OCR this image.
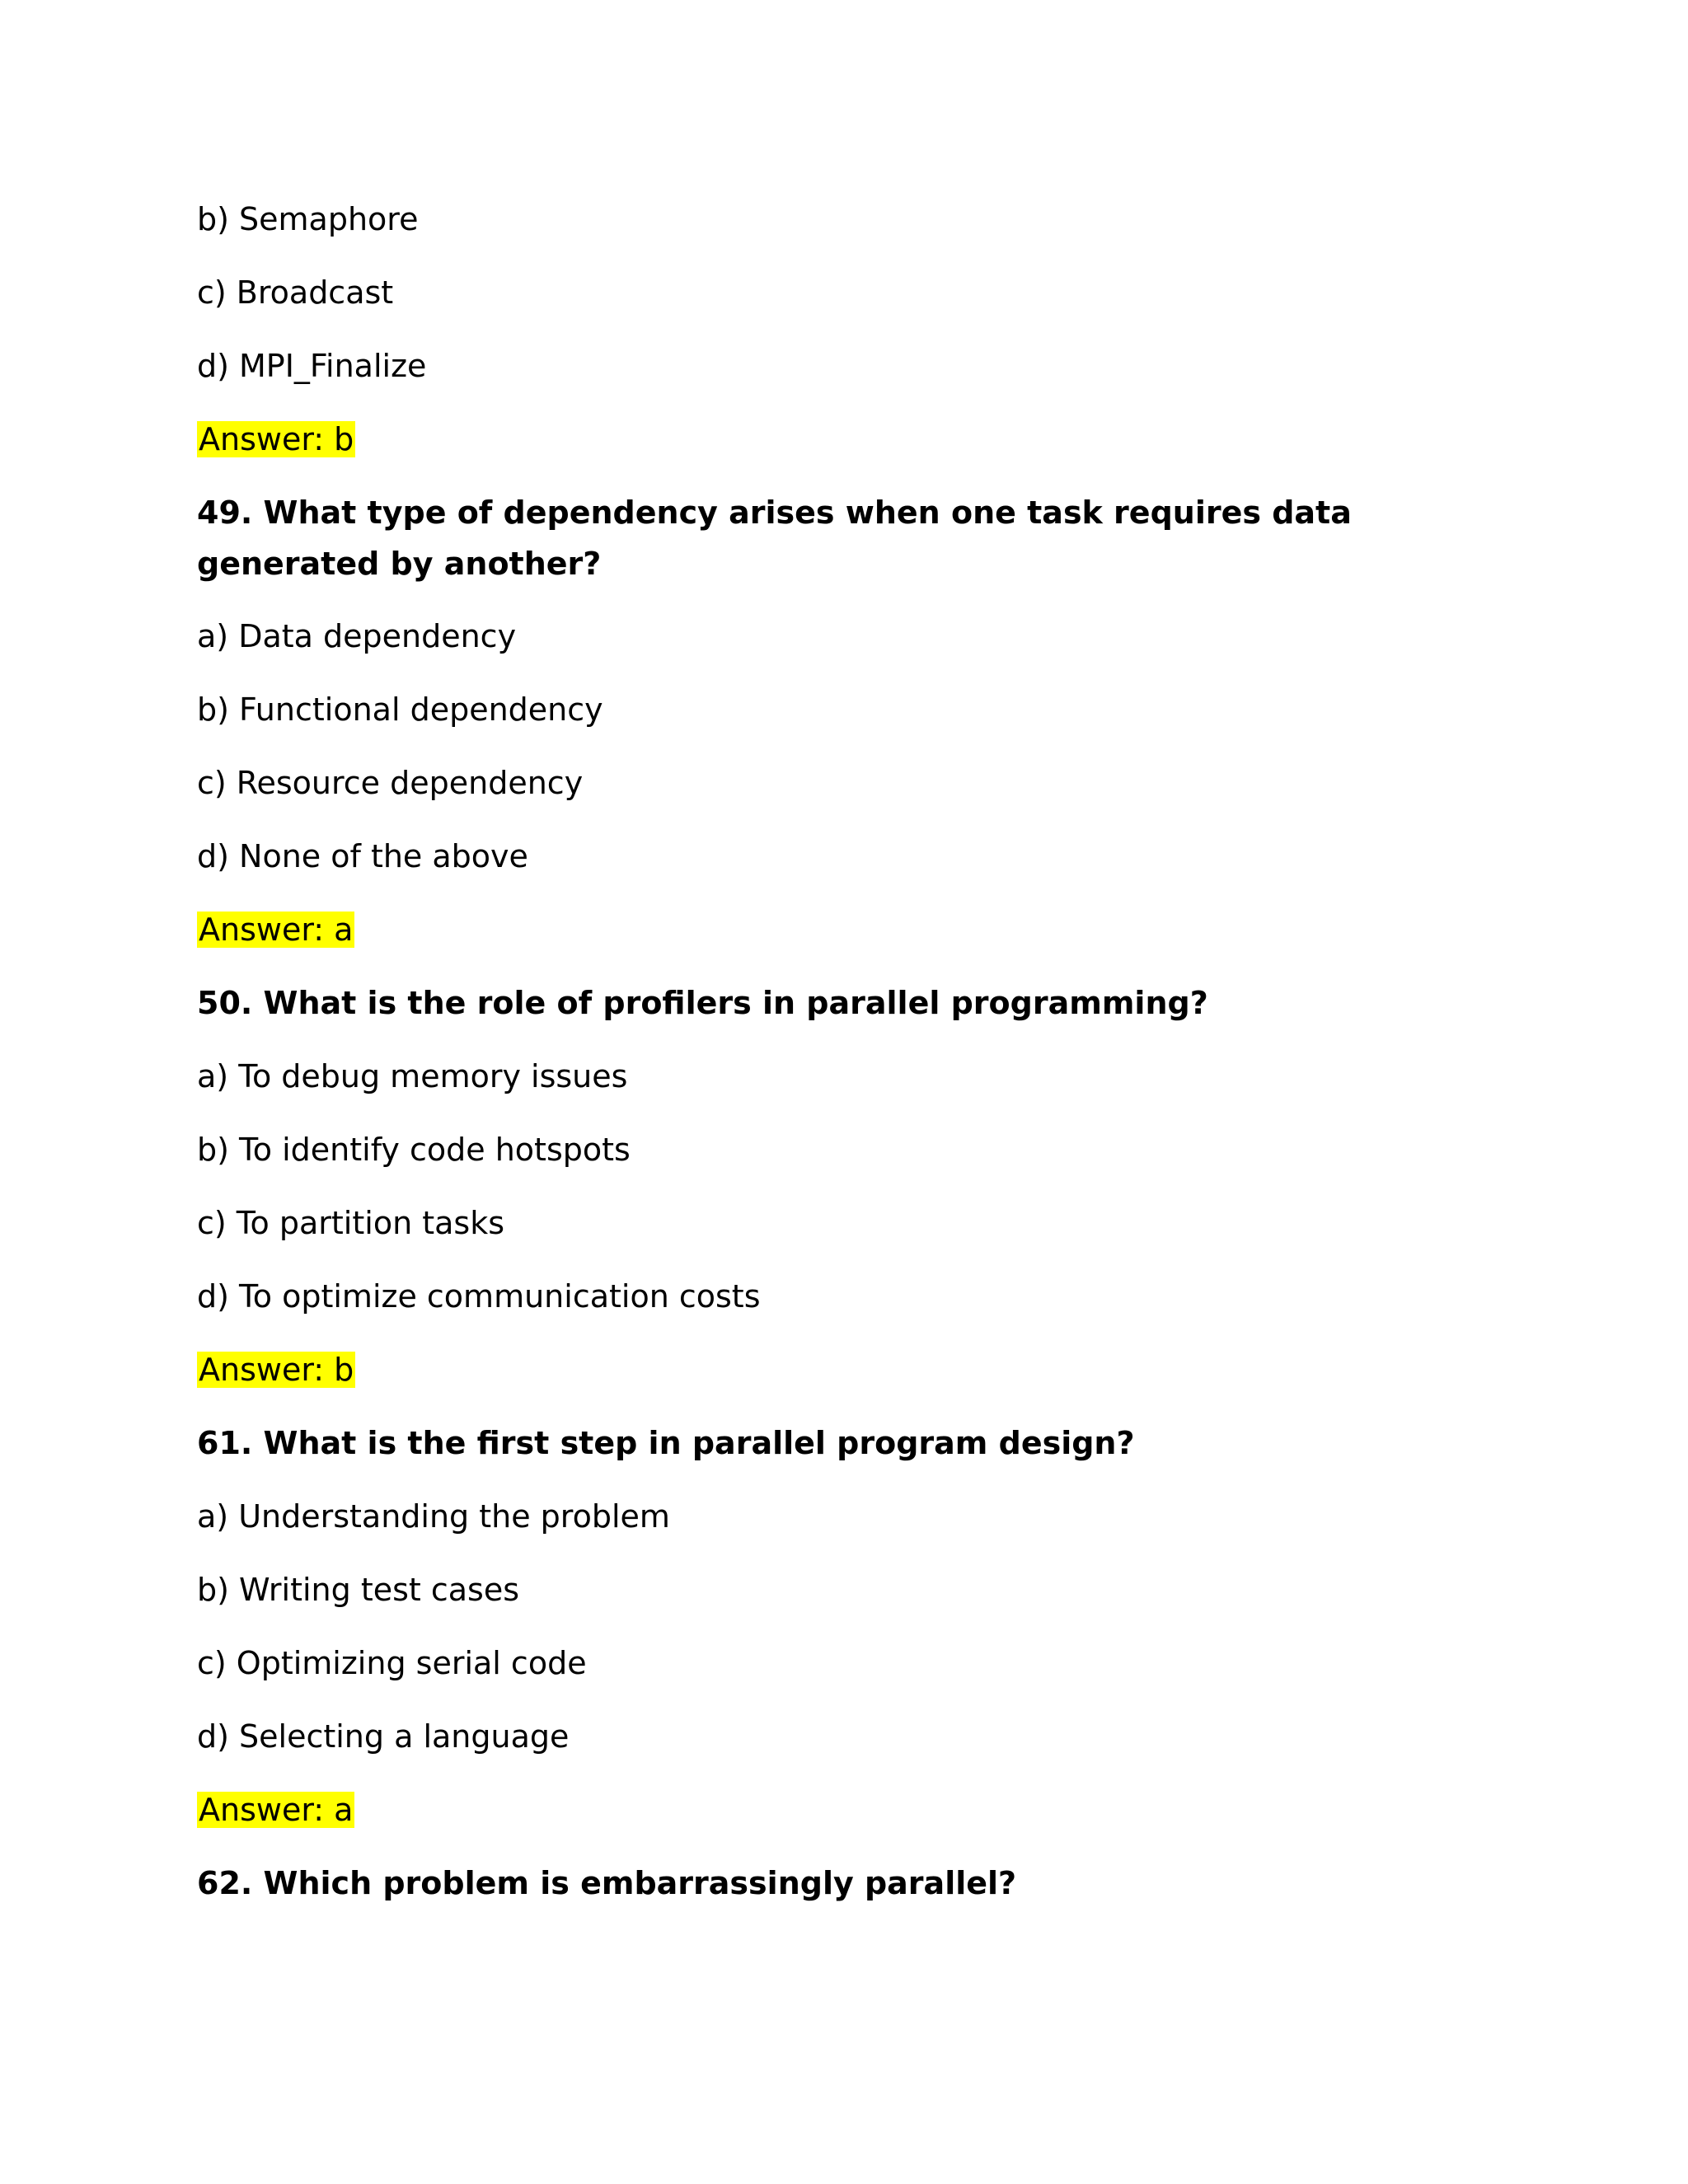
b) Semaphore
c) Broadcast
d) MPI_Finalize
Answer: b
49. What type of dependency arises when one task requires data generated by another?
a) Data dependency
b) Functional dependency
c) Resource dependency
d) None of the above
Answer: a
50. What is the role of profilers in parallel programming?
a) To debug memory issues
b) To identify code hotspots
c) To partition tasks
d) To optimize communication costs
Answer: b
61. What is the first step in parallel program design?
a) Understanding the problem
b) Writing test cases
c) Optimizing serial code
d) Selecting a language
Answer: a
62. Which problem is embarrassingly parallel?
